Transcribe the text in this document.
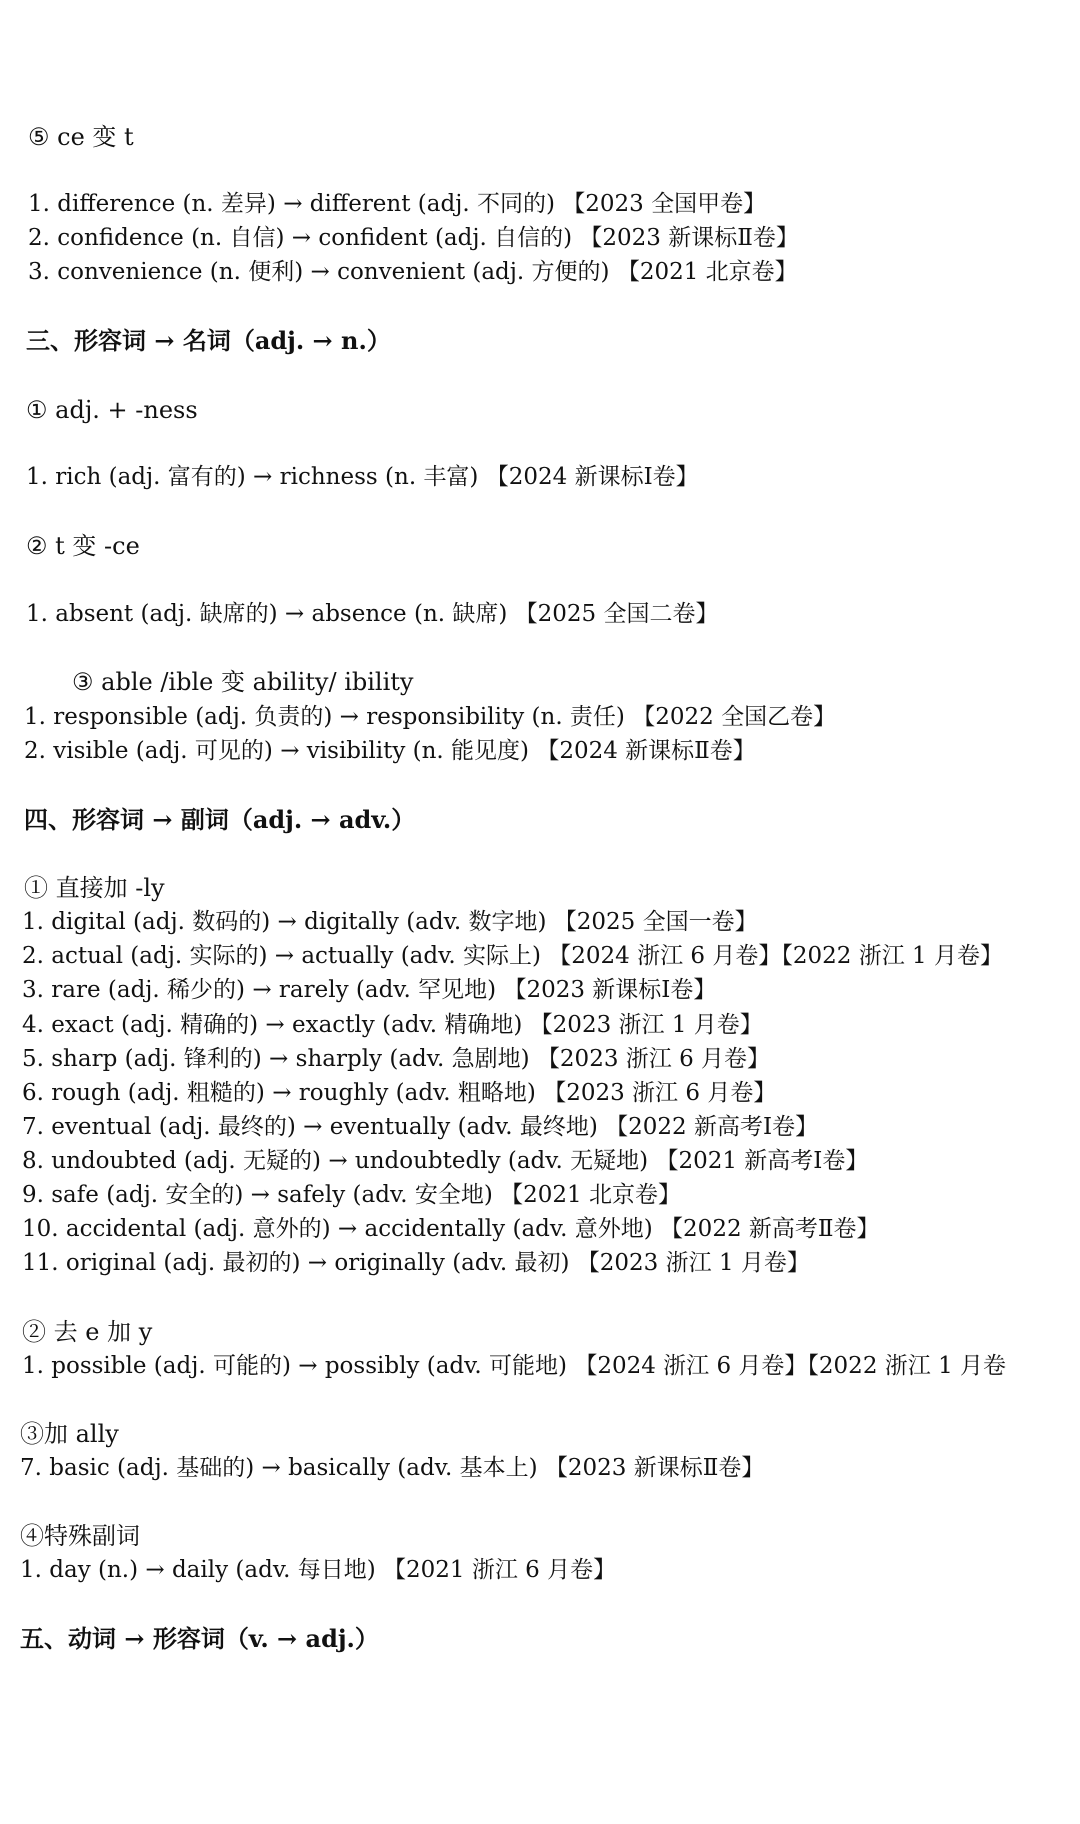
⑤ ce 变 t
1. difference (n. 差异) → different (adj. 不同的) 【2023 全国甲卷】
2. confidence (n. 自信) → confident (adj. 自信的) 【2023 新课标Ⅱ卷】
3. convenience (n. 便利) → convenient (adj. 方便的) 【2021 北京卷】
三、形容词 → 名词（adj. → n.）
① adj. + -ness
1. rich (adj. 富有的) → richness (n. 丰富) 【2024 新课标Ⅰ卷】
② t 变 -ce
1. absent (adj. 缺席的) → absence (n. 缺席) 【2025 全国二卷】
③ able /ible 变 ability/ ibility
1. responsible (adj. 负责的) → responsibility (n. 责任) 【2022 全国乙卷】
2. visible (adj. 可见的) → visibility (n. 能见度) 【2024 新课标Ⅱ卷】
四、形容词 → 副词（adj. → adv.）
① 直接加 -ly
1. digital (adj. 数码的) → digitally (adv. 数字地) 【2025 全国一卷】
2. actual (adj. 实际的) → actually (adv. 实际上) 【2024 浙江 6 月卷】【2022 浙江 1 月卷】
3. rare (adj. 稀少的) → rarely (adv. 罕见地) 【2023 新课标Ⅰ卷】
4. exact (adj. 精确的) → exactly (adv. 精确地) 【2023 浙江 1 月卷】
5. sharp (adj. 锋利的) → sharply (adv. 急剧地) 【2023 浙江 6 月卷】
6. rough (adj. 粗糙的) → roughly (adv. 粗略地) 【2023 浙江 6 月卷】
7. eventual (adj. 最终的) → eventually (adv. 最终地) 【2022 新高考Ⅰ卷】
8. undoubted (adj. 无疑的) → undoubtedly (adv. 无疑地) 【2021 新高考Ⅰ卷】
9. safe (adj. 安全的) → safely (adv. 安全地) 【2021 北京卷】
10. accidental (adj. 意外的) → accidentally (adv. 意外地) 【2022 新高考Ⅱ卷】
11. original (adj. 最初的) → originally (adv. 最初) 【2023 浙江 1 月卷】
② 去 e 加 y
1. possible (adj. 可能的) → possibly (adv. 可能地) 【2024 浙江 6 月卷】【2022 浙江 1 月卷
③加 ally
7. basic (adj. 基础的) → basically (adv. 基本上) 【2023 新课标Ⅱ卷】
④特殊副词
1. day (n.) → daily (adv. 每日地) 【2021 浙江 6 月卷】
五、动词 → 形容词（v. → adj.）
